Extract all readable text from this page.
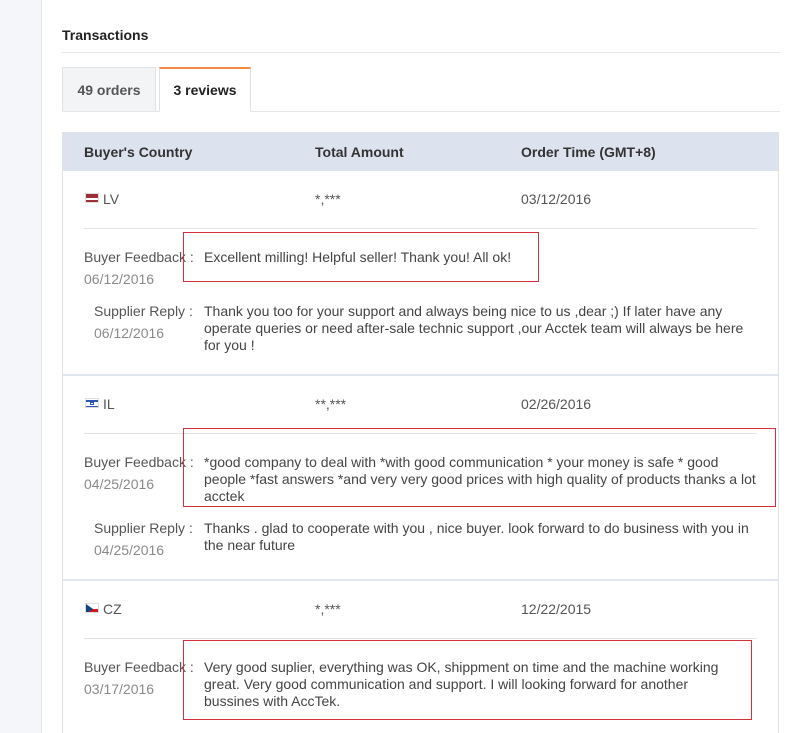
Transactions
49 orders	3 reviews
Buyer's Country	Total Amount	Order Time (GMT+8)
LV	*,***	03/12/2016
Buyer Feedback :
06/12/2016
Excellent milling! Helpful seller! Thank you! All ok!
Supplier Reply :
06/12/2016
Thank you too for your support and always being nice to us ,dear ;) If later have any operate queries or need after-sale technic support ,our Acctek team will always be here for you !
IL	**,***	02/26/2016
Buyer Feedback :
04/25/2016
*good company to deal with *with good communication * your money is safe * good people *fast answers *and very very good prices with high quality of products thanks a lot acctek
Supplier Reply :
04/25/2016
Thanks . glad to cooperate with you , nice buyer. look forward to do business with you in the near future
CZ	*,***	12/22/2015
Buyer Feedback :
03/17/2016
Very good suplier, everything was OK, shippment on time and the machine working great. Very good communication and support. I will looking forward for another bussines with AccTek.
